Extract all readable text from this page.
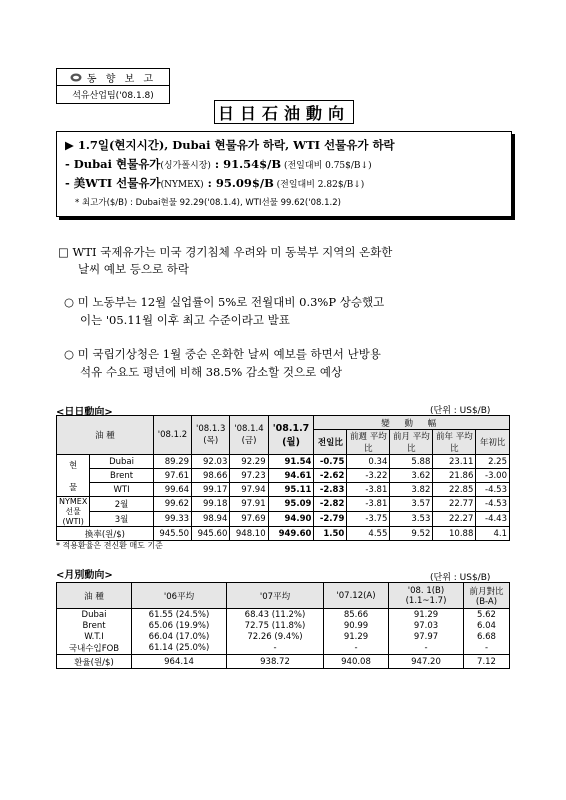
동 향 보 고
석유산업팀('08.1.8)
日日石油動向
▶ 1.7일(현지시간), Dubai 현물유가 하락, WTI 선물유가 하락
- Dubai 현물유가(싱가폴시장) : 91.54$/B (전일대비 0.75$/B↓)
- 美WTI 선물유가(NYMEX) : 95.09$/B (전일대비 2.82$/B↓)
* 최고가($/B) : Dubai현물 92.29('08.1.4), WTI선물 99.62('08.1.2)
□ WTI 국제유가는 미국 경기침체 우려와 미 동북부 지역의 온화한
날씨 예보 등으로 하락
○ 미 노동부는 12월 실업률이 5%로 전월대비 0.3%P 상승했고
이는 '05.11월 이후 최고 수준이라고 발표
○ 미 국립기상청은 1월 중순 온화한 날씨 예보를 하면서 난방용
석유 수요도 평년에 비해 38.5% 감소할 것으로 예상
<日日動向>	(단위 : US$/B)
油 種		'08.1.2	'08.1.3
(목)	'08.1.4
(금)	'08.1.7
(월)	變 動 幅				
						전일比	前週 平均比	前月 平均比	前年 平均比	年初比
현

물	Dubai	89.29	92.03	92.29	91.54	-0.75	0.34	5.88	23.11	2.25
	Brent	97.61	98.66	97.23	94.61	-2.62	-3.22	3.62	21.86	-3.00
	WTI	99.64	99.17	97.94	95.11	-2.83	-3.81	3.82	22.85	-4.53
NYMEX 선물(WTI)	2월	99.62	99.18	97.91	95.09	-2.82	-3.81	3.57	22.77	-4.53
	3월	99.33	98.94	97.69	94.90	-2.79	-3.75	3.53	22.27	-4.43
換率(원/$)		945.50	945.60	948.10	949.60	1.50	4.55	9.52	10.88	4.1
* 적용환율은 전신환 매도 기준
<月別動向>	(단위 : US$/B)
油 種	'06平均	'07平均	'07.12(A)	'08. 1(B)
(1.1~1.7)	前月對比
(B-A)
Dubai	61.55 (24.5%)	68.43 (11.2%)	85.66	91.29	5.62
Brent	65.06 (19.9%)	72.75 (11.8%)	90.99	97.03	6.04
W.T.I	66.04 (17.0%)	72.26 (9.4%)	91.29	97.97	6.68
국내수입FOB	61.14 (25.0%)	-	-	-	-
환율(원/$)	964.14	938.72	940.08	947.20	7.12
